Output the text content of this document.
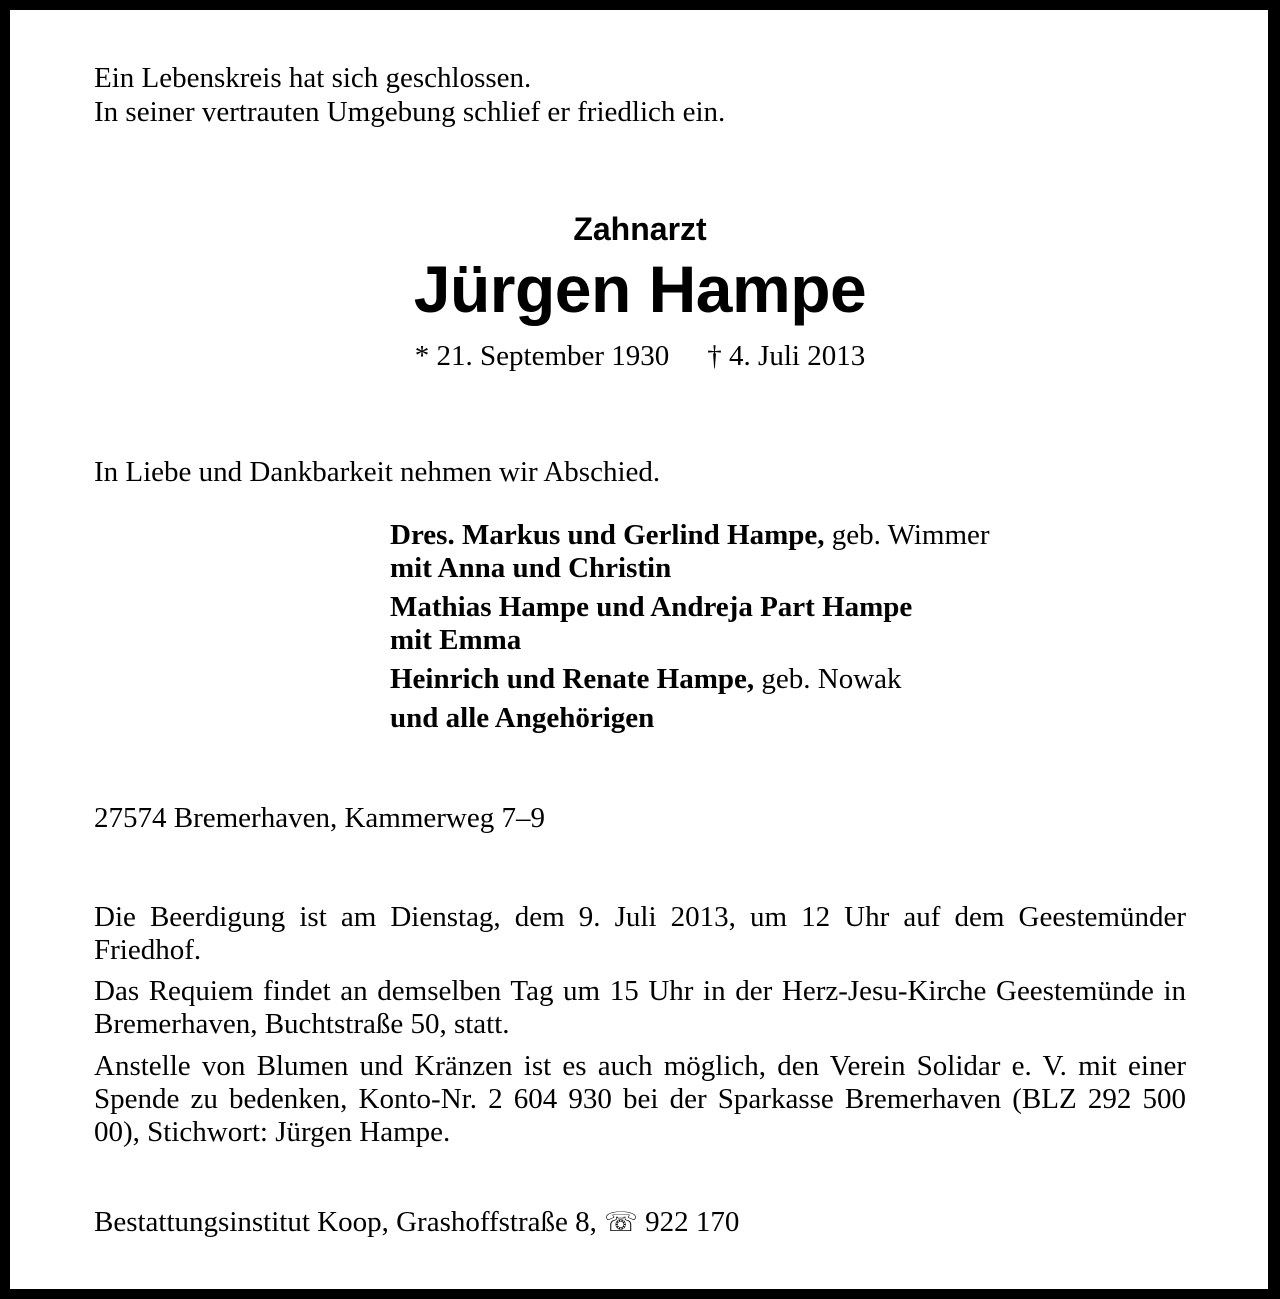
Ein Lebenskreis hat sich geschlossen.
In seiner vertrauten Umgebung schlief er friedlich ein.
Zahnarzt
Jürgen Hampe
* 21. September 1930 † 4. Juli 2013
In Liebe und Dankbarkeit nehmen wir Abschied.
Dres. Markus und Gerlind Hampe, geb. Wimmer
mit Anna und Christin
Mathias Hampe und Andreja Part Hampe
mit Emma
Heinrich und Renate Hampe, geb. Nowak
und alle Angehörigen
27574 Bremerhaven, Kammerweg 7–9
Die Beerdigung ist am Dienstag, dem 9. Juli 2013, um 12 Uhr auf dem Geestemünder Friedhof.
Das Requiem findet an demselben Tag um 15 Uhr in der Herz-Jesu-Kirche Geestemünde in Bremerhaven, Buchtstraße 50, statt.
Anstelle von Blumen und Kränzen ist es auch möglich, den Verein Solidar e. V. mit einer Spende zu bedenken, Konto-Nr. 2 604 930 bei der Sparkasse Bremerhaven (BLZ 292 500 00), Stichwort: Jürgen Hampe.
Bestattungsinstitut Koop, Grashoffstraße 8, ☏ 922 170
